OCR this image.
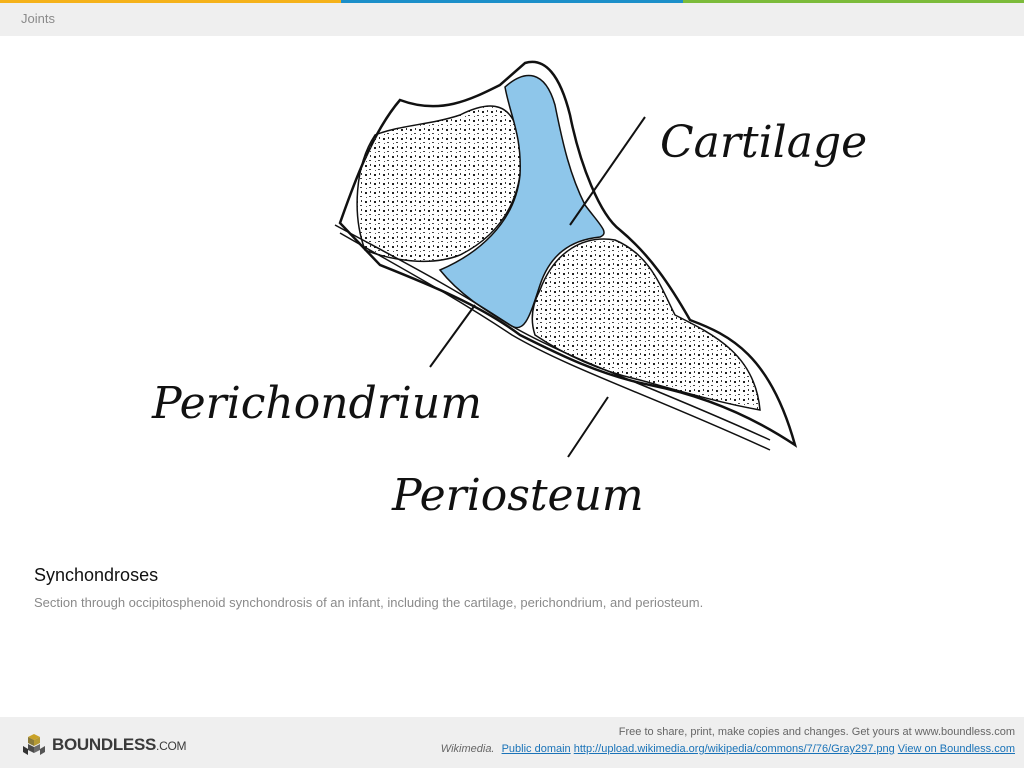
Joints
Cartilage
Perichondrium
Periosteum
Synchondroses
Section through occipitosphenoid synchondrosis of an infant, including the cartilage, perichondrium, and periosteum.
BOUNDLESS.COM
Free to share, print, make copies and changes. Get yours at www.boundless.com
Wikimedia. Public domain http://upload.wikimedia.org/wikipedia/commons/7/76/Gray297.png View on Boundless.com
